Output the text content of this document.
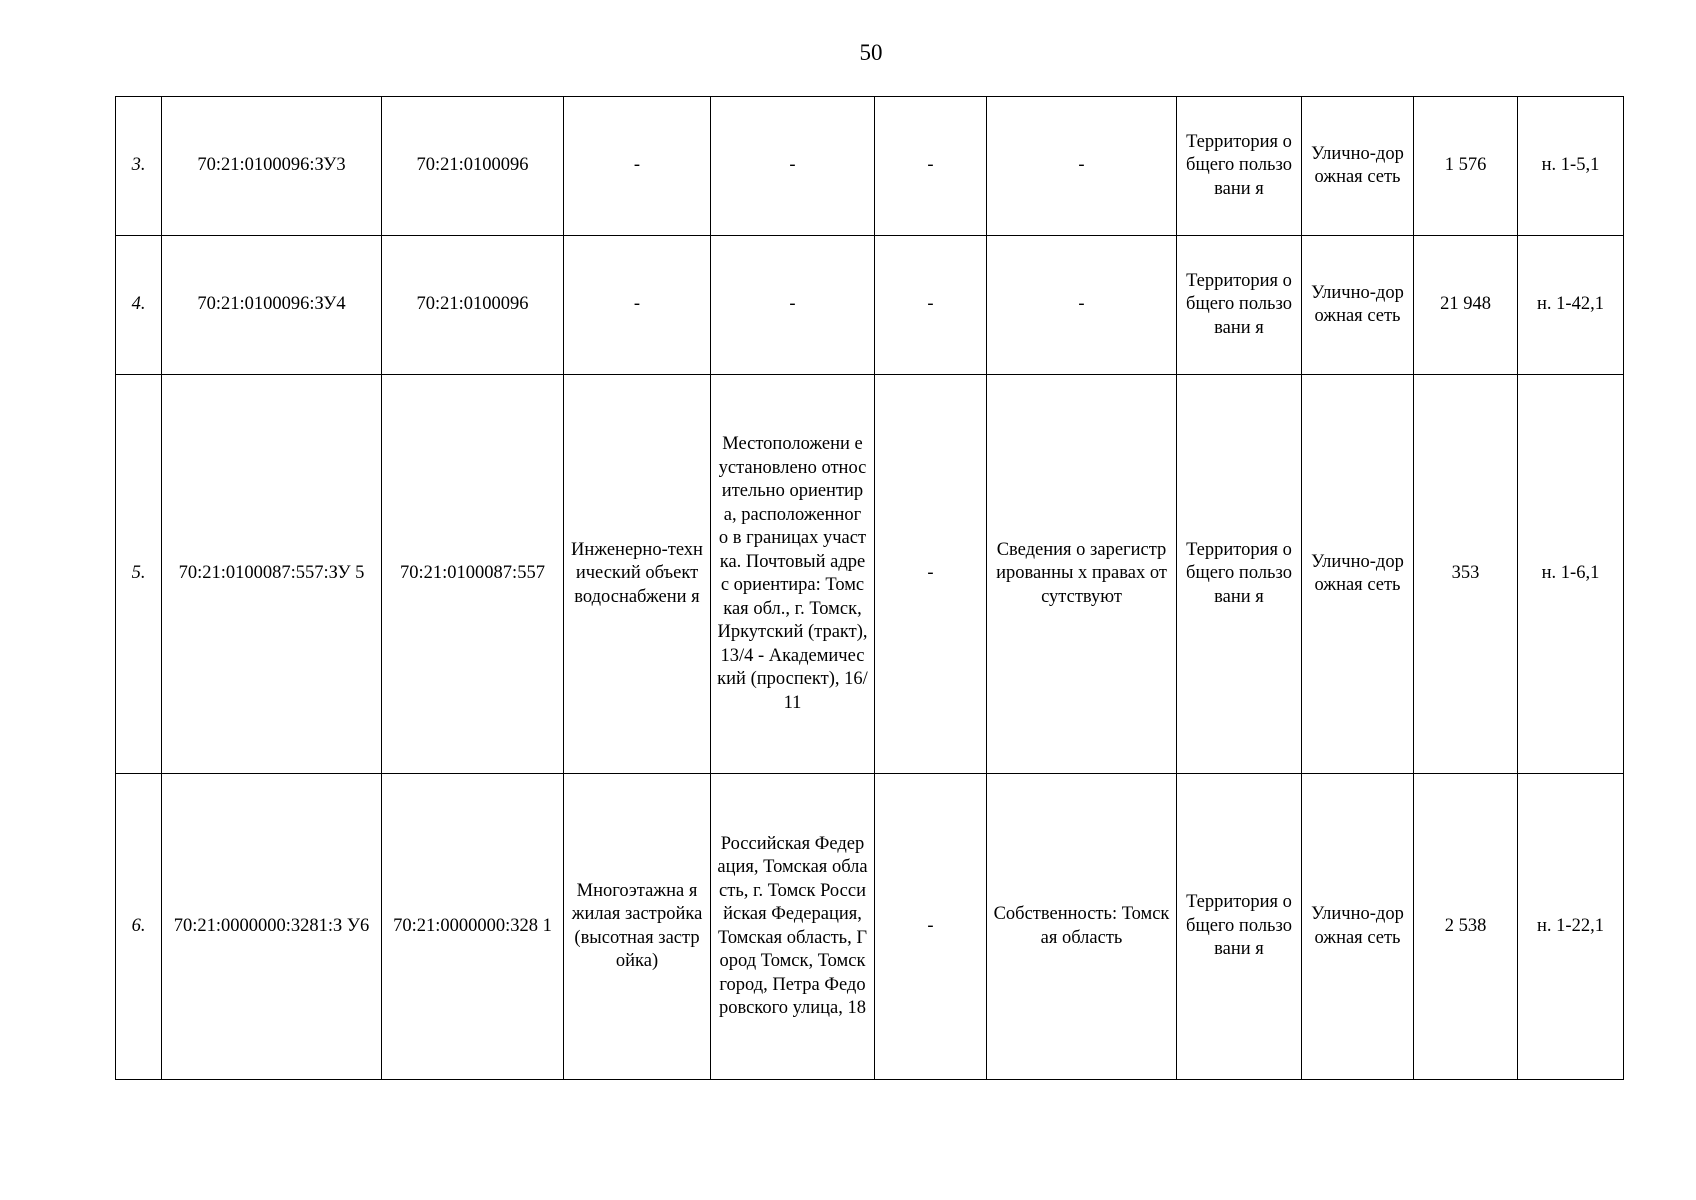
50
3.	70:21:0100096:ЗУ3	70:21:0100096	-	-	-	-	Территория общего пользовани я	Улично-дорожная сеть	1 576	н. 1-5,1
4.	70:21:0100096:ЗУ4	70:21:0100096	-	-	-	-	Территория общего пользовани я	Улично-дорожная сеть	21 948	н. 1-42,1
5.	70:21:0100087:557:ЗУ 5	70:21:0100087:557	Инженерно-технический объект водоснабжени я	Местоположени е установлено относительно ориентира, расположенног о в границах участка. Почтовый адрес ориентира: Томская обл., г. Томск, Иркутский (тракт), 13/4 - Академический (проспект), 16/11	-	Сведения о зарегистрированны х правах отсутствуют	Территория общего пользовани я	Улично-дорожная сеть	353	н. 1-6,1
6.	70:21:0000000:3281:З У6	70:21:0000000:328 1	Многоэтажна я жилая застройка (высотная застройка)	Российская Федерация, Томская область, г. Томск Российская Федерация, Томская область, Город Томск, Томск город, Петра Федоровского улица, 18	-	Собственность: Томская область	Территория общего пользовани я	Улично-дорожная сеть	2 538	н. 1-22,1
